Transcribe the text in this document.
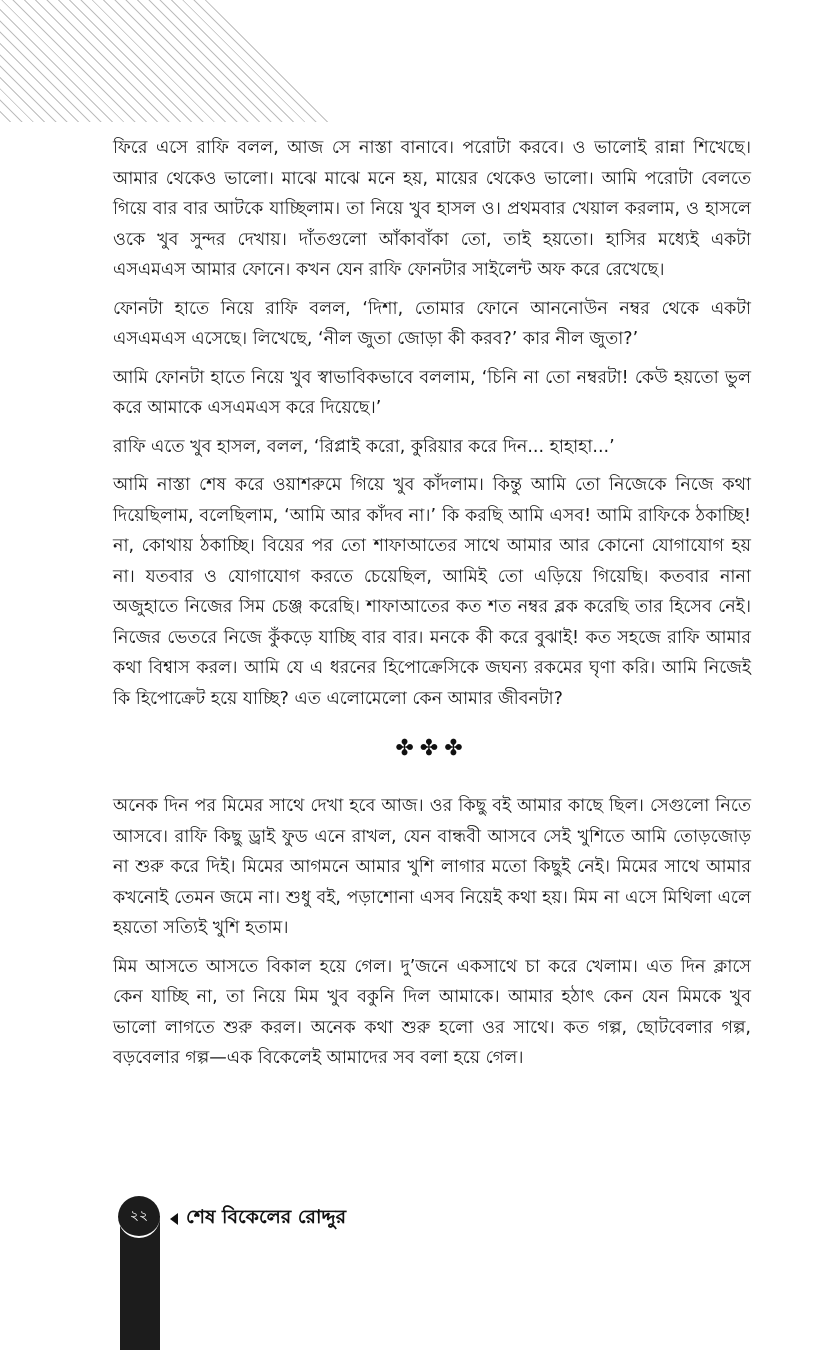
ফিরে এসে রাফি বলল, আজ সে নাস্তা বানাবে। পরোটা করবে। ও ভালোই রান্না শিখেছে। আমার থেকেও ভালো। মাঝে মাঝে মনে হয়, মায়ের থেকেও ভালো। আমি পরোটা বেলতে গিয়ে বার বার আটকে যাচ্ছিলাম। তা নিয়ে খুব হাসল ও। প্রথমবার খেয়াল করলাম, ও হাসলে ওকে খুব সুন্দর দেখায়। দাঁতগুলো আঁকাবাঁকা তো, তাই হয়তো। হাসির মধ্যেই একটা এসএমএস আমার ফোনে। কখন যেন রাফি ফোনটার সাইলেন্ট অফ করে রেখেছে।

ফোনটা হাতে নিয়ে রাফি বলল, ‘দিশা, তোমার ফোনে আননোউন নম্বর থেকে একটা এসএমএস এসেছে। লিখেছে, ‘নীল জুতা জোড়া কী করব?’ কার নীল জুতা?’

আমি ফোনটা হাতে নিয়ে খুব স্বাভাবিকভাবে বললাম, ‘চিনি না তো নম্বরটা! কেউ হয়তো ভুল করে আমাকে এসএমএস করে দিয়েছে।’

রাফি এতে খুব হাসল, বলল, ‘রিপ্লাই করো, কুরিয়ার করে দিন... হাহাহা...’

আমি নাস্তা শেষ করে ওয়াশরুমে গিয়ে খুব কাঁদলাম। কিন্তু আমি তো নিজেকে নিজে কথা দিয়েছিলাম, বলেছিলাম, ‘আমি আর কাঁদব না।’ কি করছি আমি এসব! আমি রাফিকে ঠকাচ্ছি! না, কোথায় ঠকাচ্ছি। বিয়ের পর তো শাফাআতের সাথে আমার আর কোনো যোগাযোগ হয় না। যতবার ও যোগাযোগ করতে চেয়েছিল, আমিই তো এড়িয়ে গিয়েছি। কতবার নানা অজুহাতে নিজের সিম চেঞ্জ করেছি। শাফাআতের কত শত নম্বর ব্লক করেছি তার হিসেব নেই। নিজের ভেতরে নিজে কুঁকড়ে যাচ্ছি বার বার। মনকে কী করে বুঝাই! কত সহজে রাফি আমার কথা বিশ্বাস করল। আমি যে এ ধরনের হিপোক্রেসিকে জঘন্য রকমের ঘৃণা করি। আমি নিজেই কি হিপোক্রেট হয়ে যাচ্ছি? এত এলোমেলো কেন আমার জীবনটা?

✤✤✤

অনেক দিন পর মিমের সাথে দেখা হবে আজ। ওর কিছু বই আমার কাছে ছিল। সেগুলো নিতে আসবে। রাফি কিছু ড্রাই ফুড এনে রাখল, যেন বান্ধবী আসবে সেই খুশিতে আমি তোড়জোড় না শুরু করে দিই। মিমের আগমনে আমার খুশি লাগার মতো কিছুই নেই। মিমের সাথে আমার কখনোই তেমন জমে না। শুধু বই, পড়াশোনা এসব নিয়েই কথা হয়। মিম না এসে মিথিলা এলে হয়তো সত্যিই খুশি হতাম।

মিম আসতে আসতে বিকাল হয়ে গেল। দু’জনে একসাথে চা করে খেলাম। এত দিন ক্লাসে কেন যাচ্ছি না, তা নিয়ে মিম খুব বকুনি দিল আমাকে। আমার হঠাৎ কেন যেন মিমকে খুব ভালো লাগতে শুরু করল। অনেক কথা শুরু হলো ওর সাথে। কত গল্প, ছোটবেলার গল্প, বড়বেলার গল্প—এক বিকেলেই আমাদের সব বলা হয়ে গেল।

২২ শেষ বিকেলের রোদ্দুর
